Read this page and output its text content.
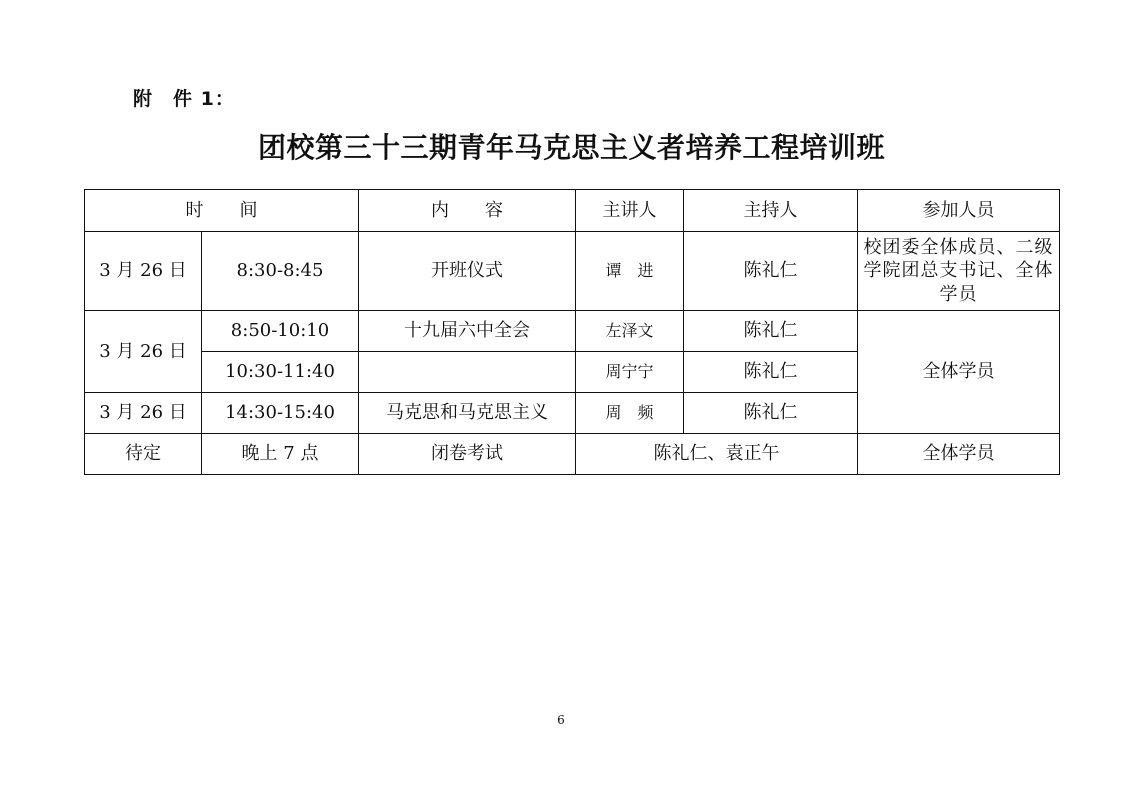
附　件 1：
团校第三十三期青年马克思主义者培养工程培训班
时　　间		内　　容	主讲人	主持人	参加人员
3 月 26 日	8:30-8:45	开班仪式	谭　进	陈礼仁	校团委全体成员、二级学院团总支书记、全体学员
3 月 26 日	8:50-10:10	十九届六中全会	左泽文	陈礼仁	全体学员
	10:30-11:40		周宁宁	陈礼仁	
3 月 26 日	14:30-15:40	马克思和马克思主义	周　频	陈礼仁	
待定	晚上 7 点	闭卷考试	陈礼仁、袁正午		全体学员
6
